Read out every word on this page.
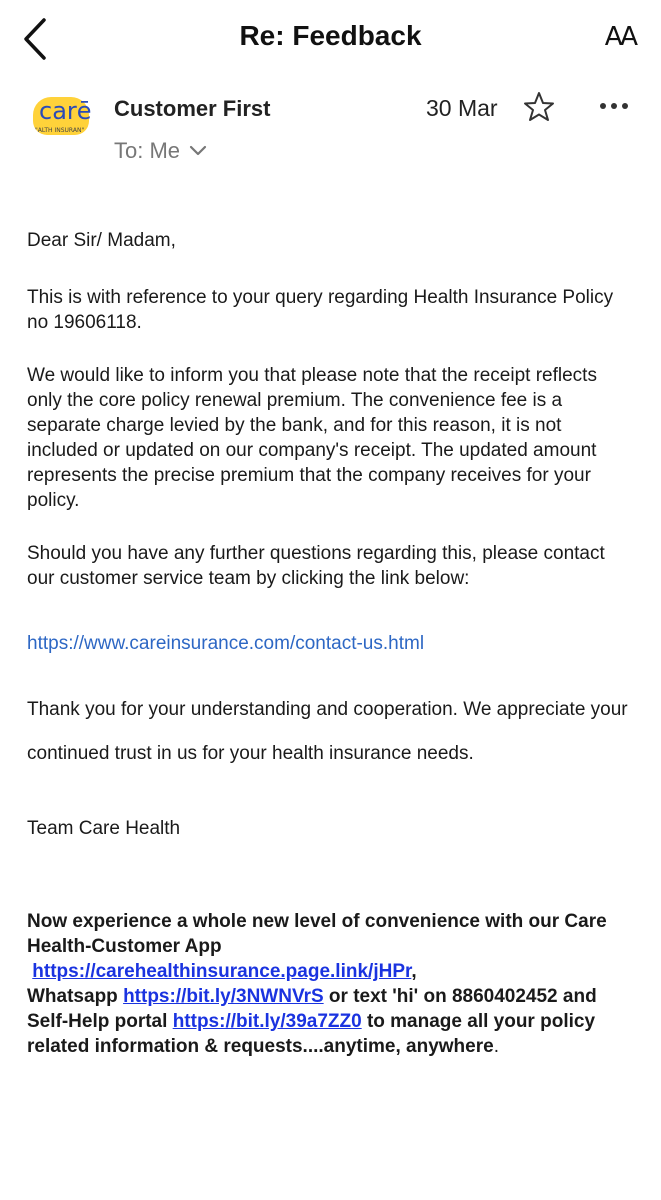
Re: Feedback	AA
carē
"ALTH INSURAN"
Customer First	30 Mar
To: Me

Dear Sir/ Madam,

This is with reference to your query regarding Health Insurance Policy no 19606118.

We would like to inform you that please note that the receipt reflects only the core policy renewal premium. The convenience fee is a separate charge levied by the bank, and for this reason, it is not included or updated on our company's receipt. The updated amount represents the precise premium that the company receives for your policy.

Should you have any further questions regarding this, please contact our customer service team by clicking the link below:

https://www.careinsurance.com/contact-us.html

Thank you for your understanding and cooperation. We appreciate your continued trust in us for your health insurance needs.

Team Care Health

Now experience a whole new level of convenience with our Care Health-Customer App
https://carehealthinsurance.page.link/jHPr,
Whatsapp https://bit.ly/3NWNVrS or text 'hi' on 8860402452 and Self-Help portal https://bit.ly/39a7ZZ0 to manage all your policy related information & requests....anytime, anywhere.
